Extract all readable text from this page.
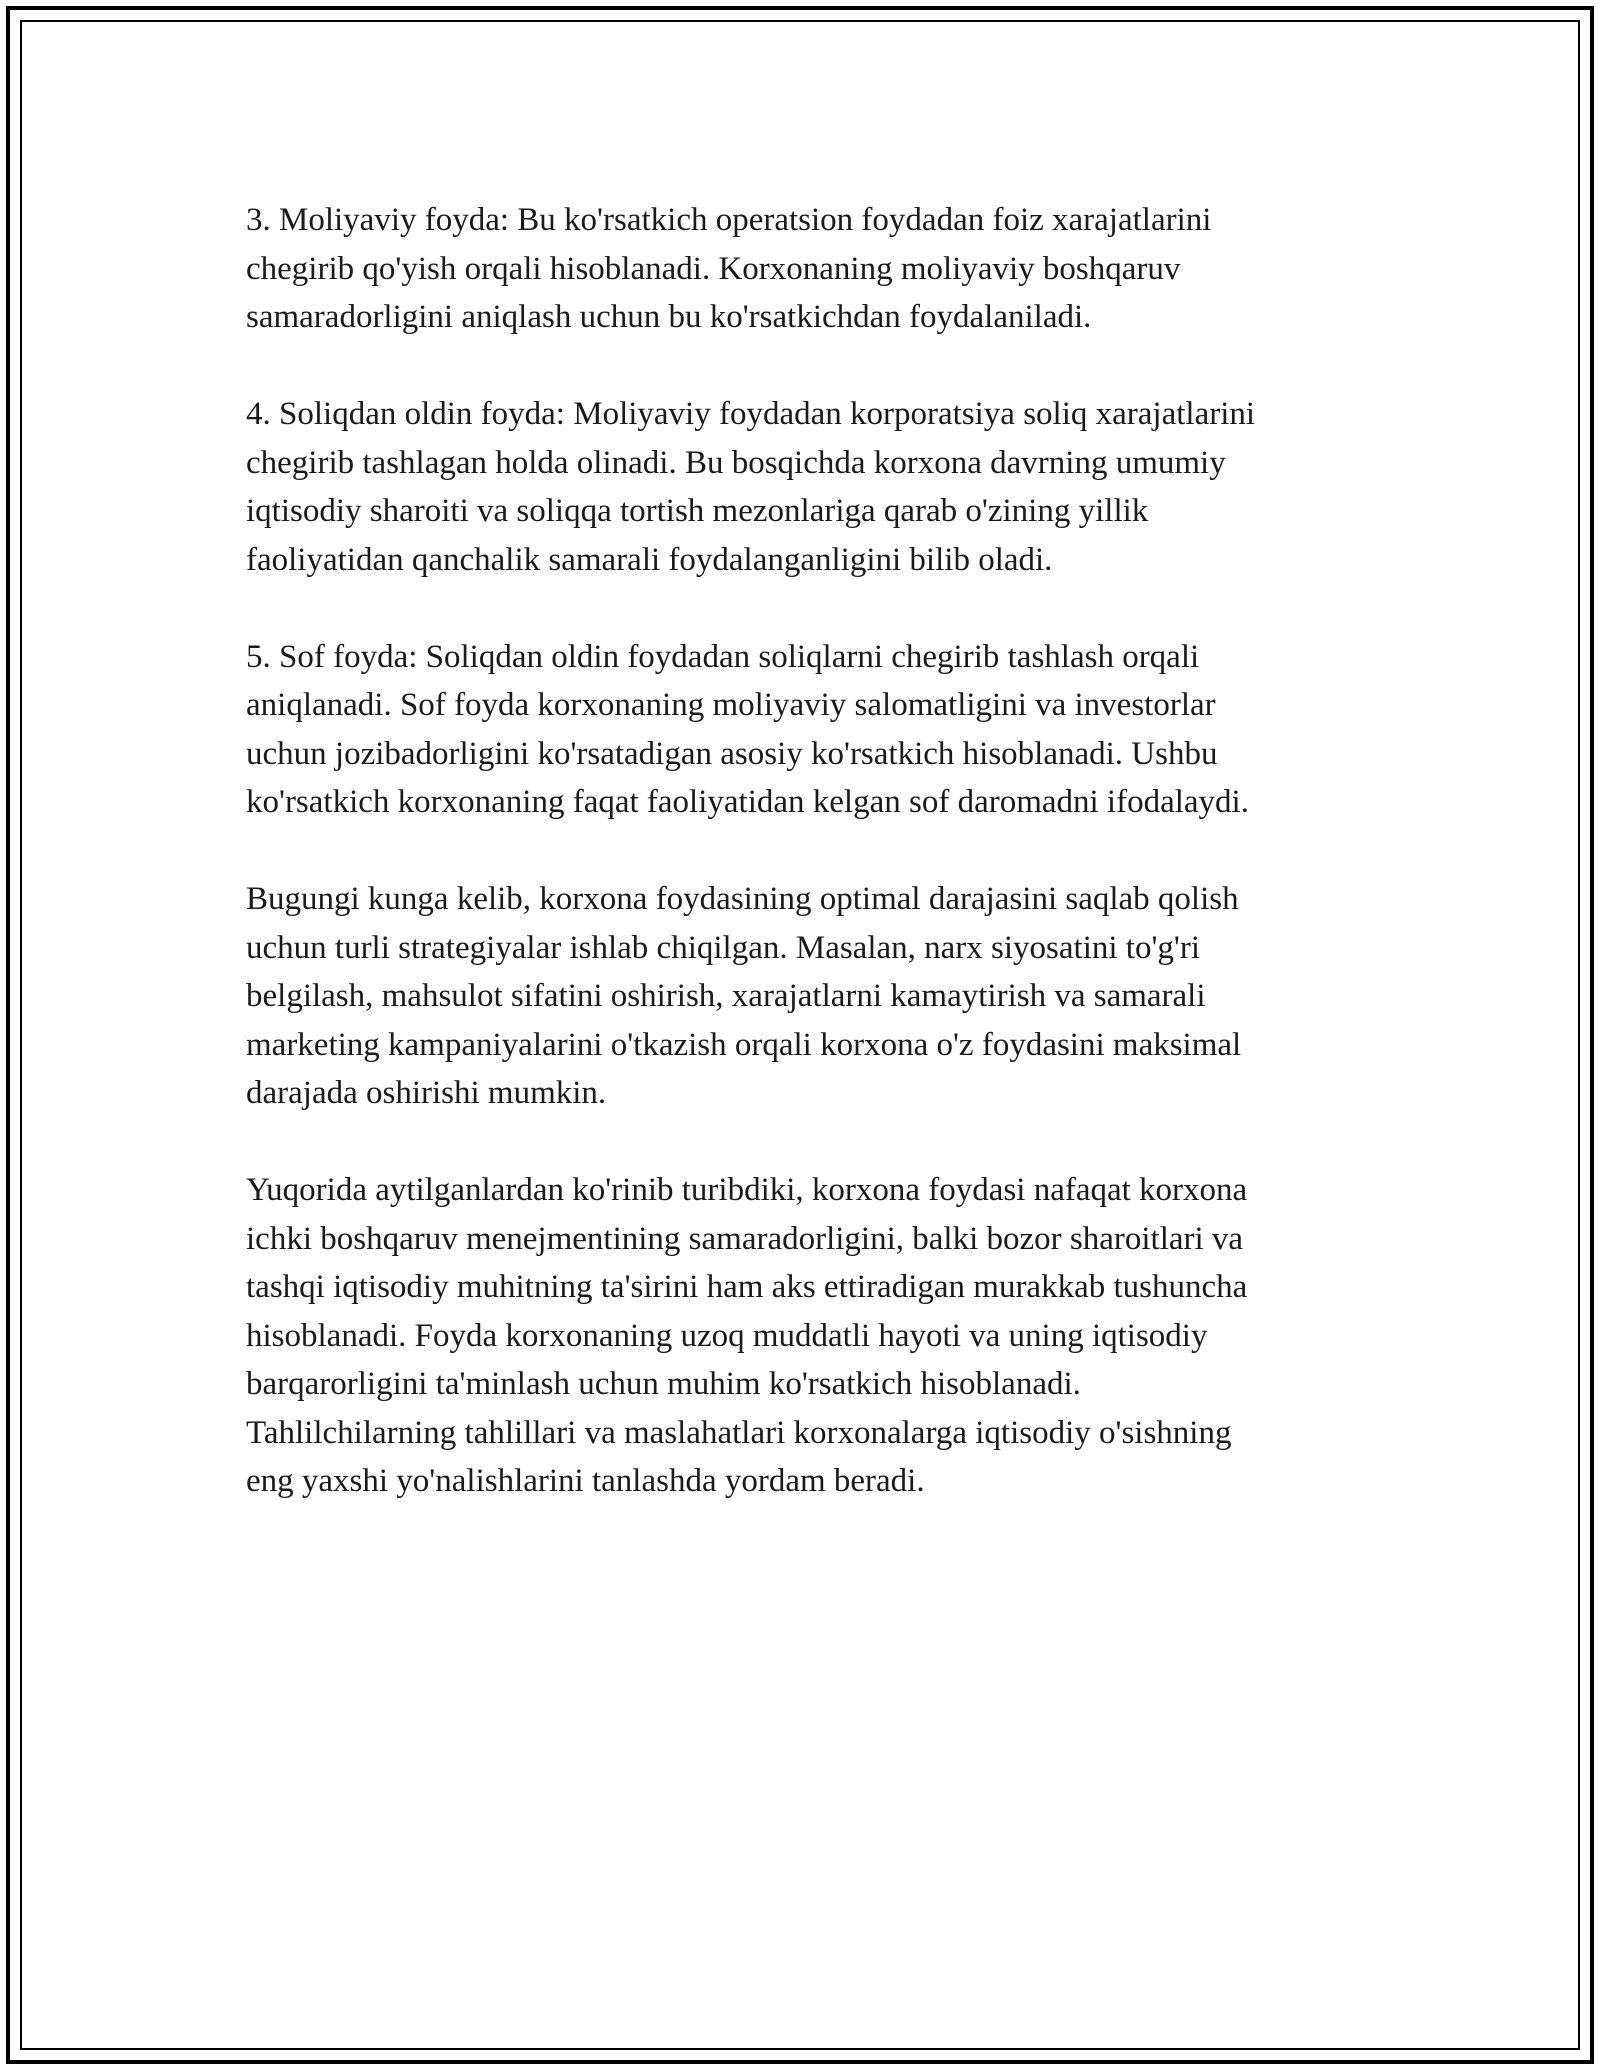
3. Moliyaviy foyda: Bu ko'rsatkich operatsion foydadan foiz xarajatlarini
chegirib qo'yish orqali hisoblanadi. Korxonaning moliyaviy boshqaruv
samaradorligini aniqlash uchun bu ko'rsatkichdan foydalaniladi.

4. Soliqdan oldin foyda: Moliyaviy foydadan korporatsiya soliq xarajatlarini
chegirib tashlagan holda olinadi. Bu bosqichda korxona davrning umumiy
iqtisodiy sharoiti va soliqqa tortish mezonlariga qarab o'zining yillik
faoliyatidan qanchalik samarali foydalanganligini bilib oladi.

5. Sof foyda: Soliqdan oldin foydadan soliqlarni chegirib tashlash orqali
aniqlanadi. Sof foyda korxonaning moliyaviy salomatligini va investorlar
uchun jozibadorligini ko'rsatadigan asosiy ko'rsatkich hisoblanadi. Ushbu
ko'rsatkich korxonaning faqat faoliyatidan kelgan sof daromadni ifodalaydi.

Bugungi kunga kelib, korxona foydasining optimal darajasini saqlab qolish
uchun turli strategiyalar ishlab chiqilgan. Masalan, narx siyosatini to'g'ri
belgilash, mahsulot sifatini oshirish, xarajatlarni kamaytirish va samarali
marketing kampaniyalarini o'tkazish orqali korxona o'z foydasini maksimal
darajada oshirishi mumkin.

Yuqorida aytilganlardan ko'rinib turibdiki, korxona foydasi nafaqat korxona
ichki boshqaruv menejmentining samaradorligini, balki bozor sharoitlari va
tashqi iqtisodiy muhitning ta'sirini ham aks ettiradigan murakkab tushuncha
hisoblanadi. Foyda korxonaning uzoq muddatli hayoti va uning iqtisodiy
barqarorligini ta'minlash uchun muhim ko'rsatkich hisoblanadi.
Tahlilchilarning tahlillari va maslahatlari korxonalarga iqtisodiy o'sishning
eng yaxshi yo'nalishlarini tanlashda yordam beradi.
